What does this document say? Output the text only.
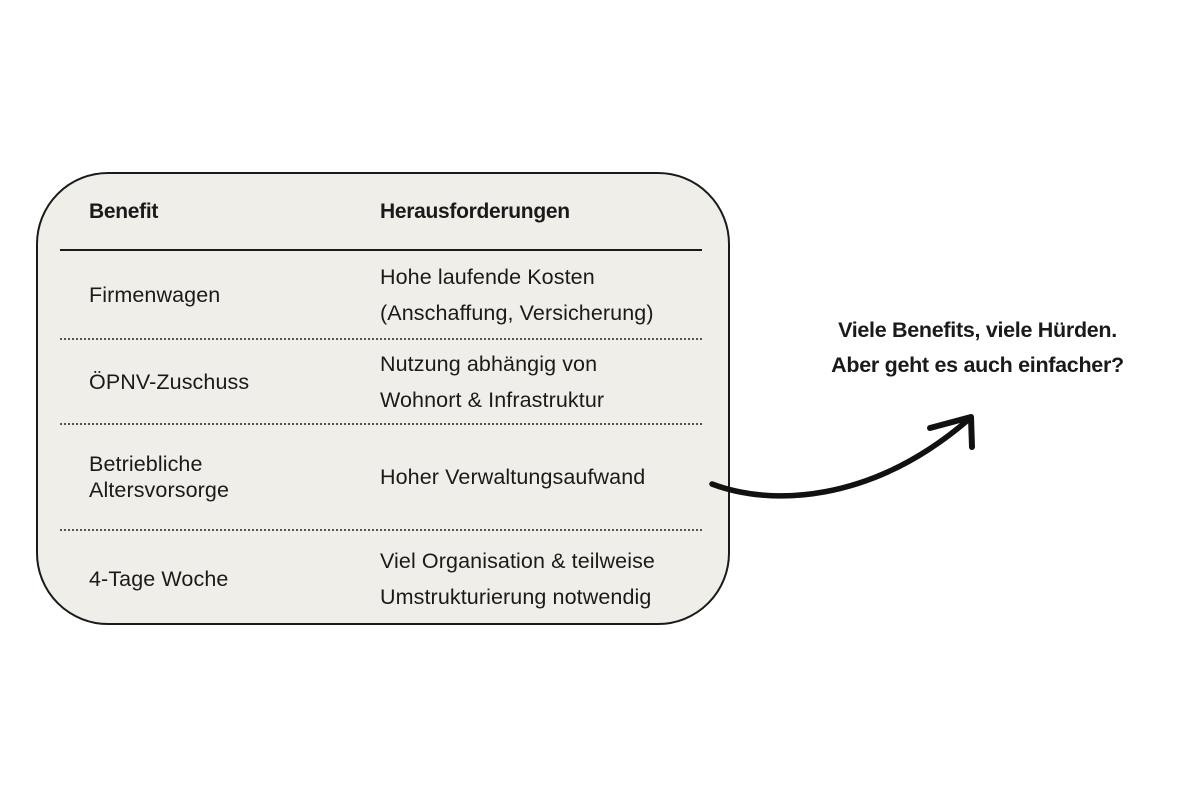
Benefit	Herausforderungen
Firmenwagen
Hohe laufende Kosten
(Anschaffung, Versicherung)
ÖPNV-Zuschuss
Nutzung abhängig von
Wohnort & Infrastruktur
Betriebliche
Altersvorsorge
Hoher Verwaltungsaufwand
4-Tage Woche
Viel Organisation & teilweise
Umstrukturierung notwendig
Viele Benefits, viele Hürden.
Aber geht es auch einfacher?
